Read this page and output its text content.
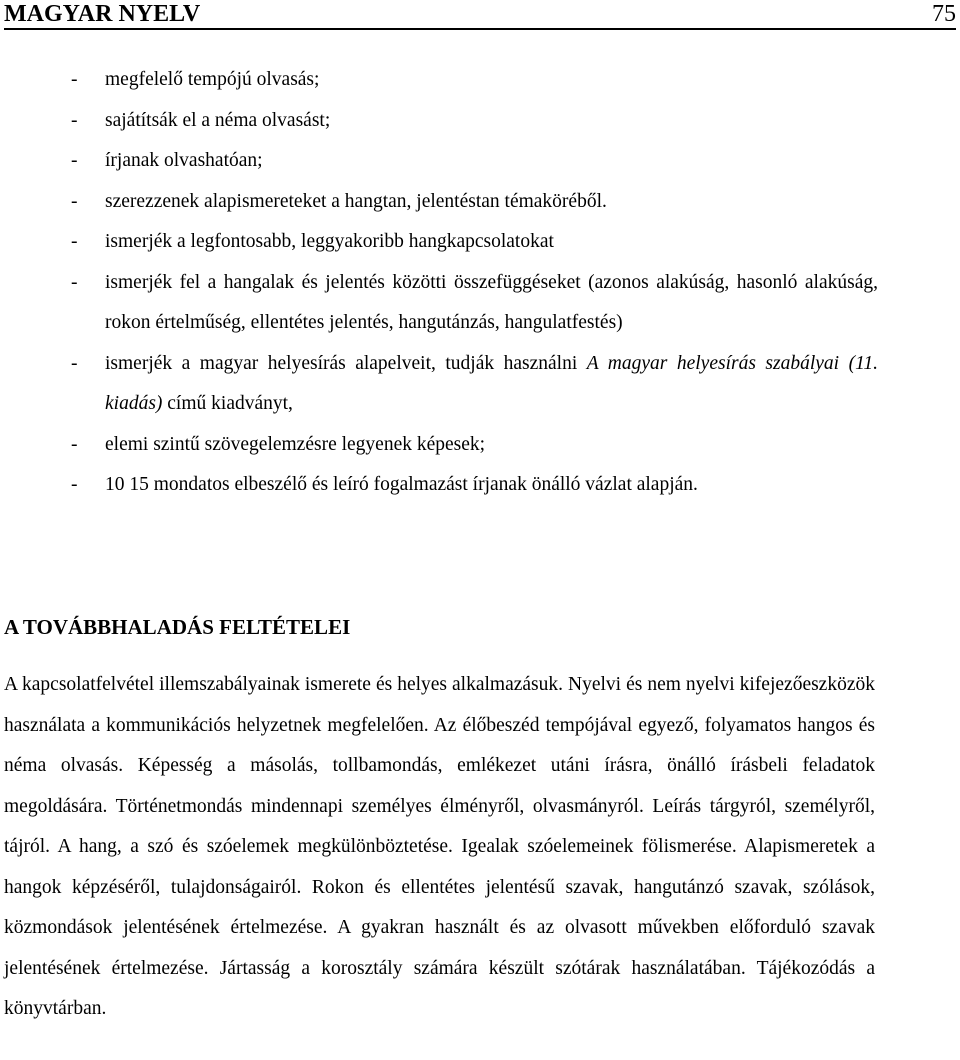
MAGYAR NYELV	75
- megfelelő tempójú olvasás;
- sajátítsák el a néma olvasást;
- írjanak olvashatóan;
- szerezzenek alapismereteket a hangtan, jelentéstan témaköréből.
- ismerjék a legfontosabb, leggyakoribb hangkapcsolatokat
- ismerjék fel a hangalak és jelentés közötti összefüggéseket (azonos alakúság, hasonló alakúság, rokon értelműség, ellentétes jelentés, hangutánzás, hangulatfestés)
- ismerjék a magyar helyesírás alapelveit, tudják használni A magyar helyesírás szabályai (11. kiadás) című kiadványt,
- elemi szintű szövegelemzésre legyenek képesek;
- 10 15 mondatos elbeszélő és leíró fogalmazást írjanak önálló vázlat alapján.
A TOVÁBBHALADÁS FELTÉTELEI
A kapcsolatfelvétel illemszabályainak ismerete és helyes alkalmazásuk. Nyelvi és nem nyelvi kifejezőeszközök használata a kommunikációs helyzetnek megfelelően. Az élőbeszéd tempójával egyező, folyamatos hangos és néma olvasás. Képesség a másolás, tollbamondás, emlékezet utáni írásra, önálló írásbeli feladatok megoldására. Történetmondás mindennapi személyes élményről, olvasmányról. Leírás tárgyról, személyről, tájról. A hang, a szó és szóelemek megkülönböztetése. Igealak szóelemeinek fölismerése. Alapismeretek a hangok képzéséről, tulajdonságairól. Rokon és ellentétes jelentésű szavak, hangutánzó szavak, szólások, közmondások jelentésének értelmezése. A gyakran használt és az olvasott művekben előforduló szavak jelentésének értelmezése. Jártasság a korosztály számára készült szótárak használatában. Tájékozódás a könyvtárban.
